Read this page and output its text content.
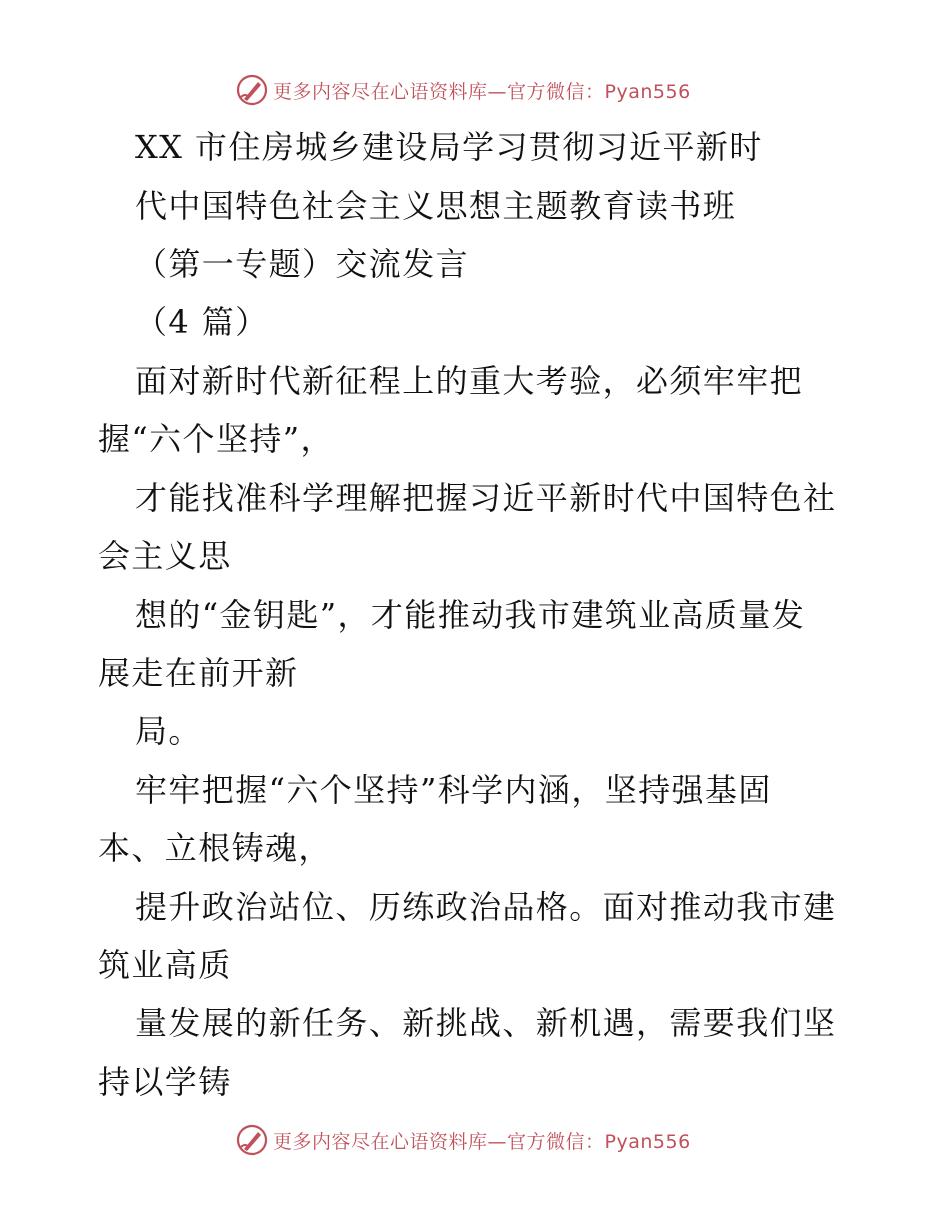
更多内容尽在心语资料库—官方微信：Pyan556
XX 市住房城乡建设局学习贯彻习近平新时
代中国特色社会主义思想主题教育读书班
（第一专题）交流发言
（4 篇）
面对新时代新征程上的重大考验，必须牢牢把
握“六个坚持”，
才能找准科学理解把握习近平新时代中国特色社
会主义思
想的“金钥匙”，才能推动我市建筑业高质量发
展走在前开新
局。
牢牢把握“六个坚持”科学内涵，坚持强基固
本、立根铸魂，
提升政治站位、历练政治品格。面对推动我市建
筑业高质
量发展的新任务、新挑战、新机遇，需要我们坚
持以学铸
更多内容尽在心语资料库—官方微信：Pyan556
